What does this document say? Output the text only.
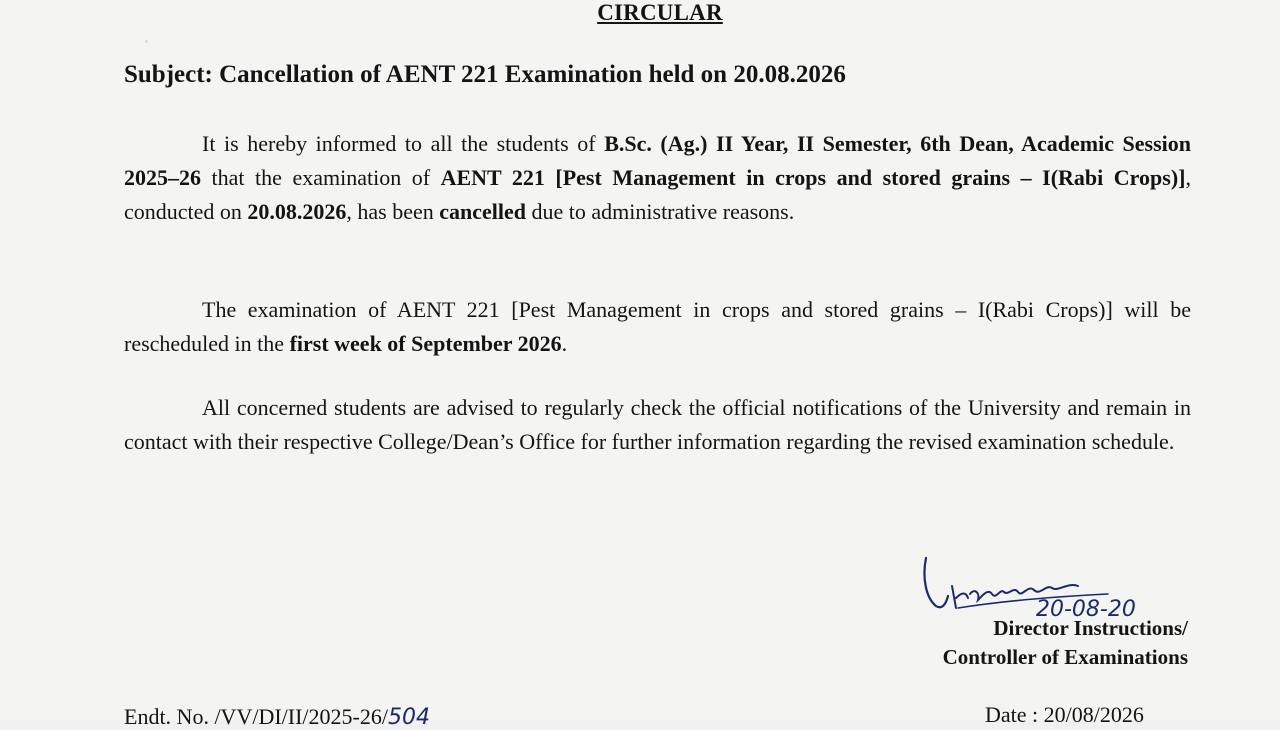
CIRCULAR
Subject: Cancellation of AENT 221 Examination held on 20.08.2026
It is hereby informed to all the students of B.Sc. (Ag.) II Year, II Semester, 6th Dean, Academic Session 2025–26 that the examination of AENT 221 [Pest Management in crops and stored grains – I(Rabi Crops)], conducted on 20.08.2026, has been cancelled due to administrative reasons.
The examination of AENT 221 [Pest Management in crops and stored grains – I(Rabi Crops)] will be rescheduled in the first week of September 2026.
All concerned students are advised to regularly check the official notifications of the University and remain in contact with their respective College/Dean’s Office for further information regarding the revised examination schedule.
20-08-20
Director Instructions/
Controller of Examinations
Endt. No. /VV/DI/II/2025-26/504	Date : 20/08/2026
